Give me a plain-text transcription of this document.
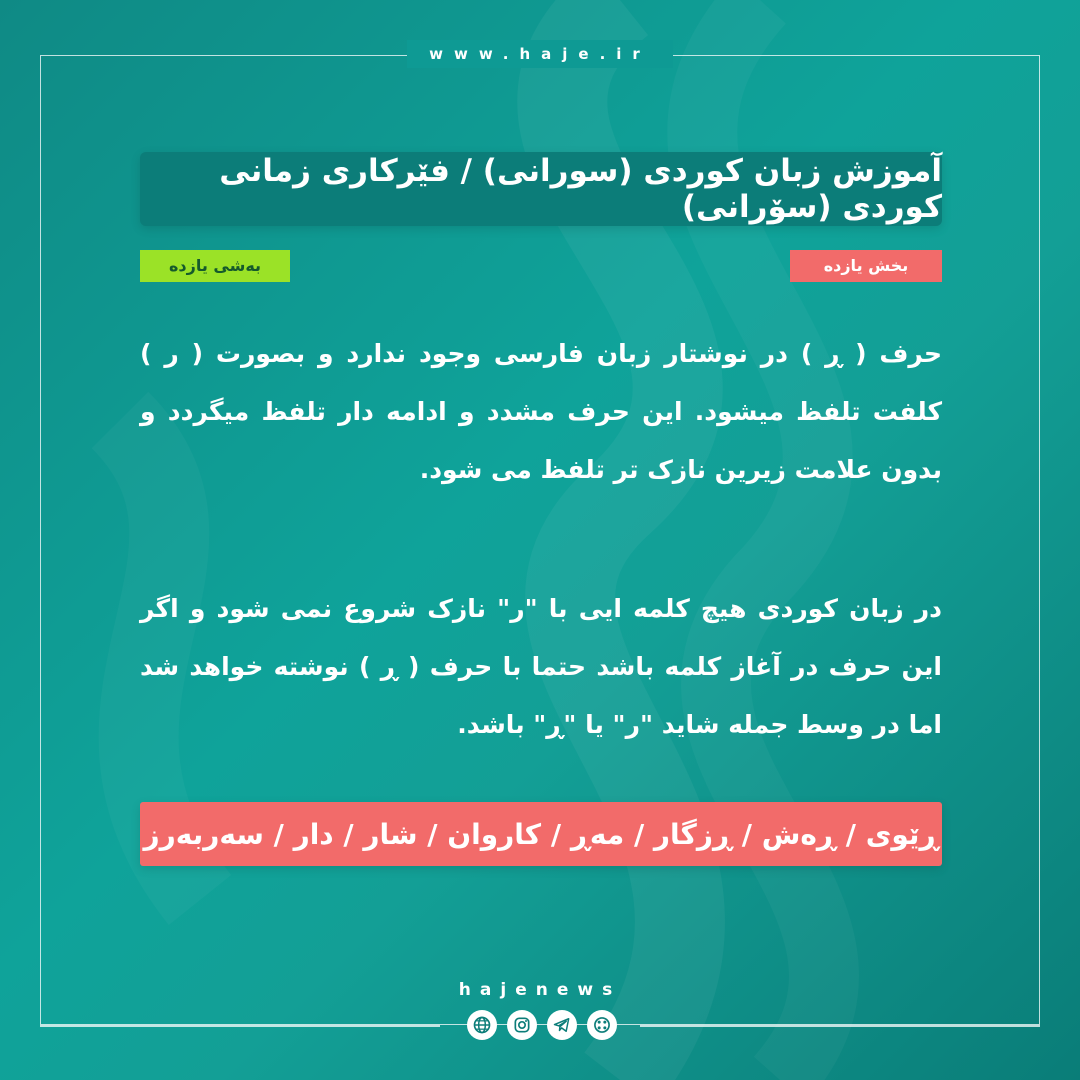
www.haje.ir
آموزش زبان کوردی (سورانی) / فێرکاری زمانی کوردی (سۆرانی)
بخش یازده
بەشی یازدە
حرف ( ڕ ) در نوشتار زبان فارسی وجود ندارد و بصورت ( ر ) کلفت تلفظ میشود. این حرف مشدد و ادامه دار تلفظ میگردد و بدون علامت زیرین نازک تر تلفظ می شود.
در زبان کوردی هیچ کلمه ایی با "ر" نازک شروع نمی شود و اگر این حرف در آغاز کلمه باشد حتما با حرف ( ڕ ) نوشته خواهد شد اما در وسط جمله شاید "ر" یا "ڕ" باشد.
ڕێوی / ڕەش / ڕزگار / مەڕ / کاروان / شار / دار / سەربەرز
hajenews
